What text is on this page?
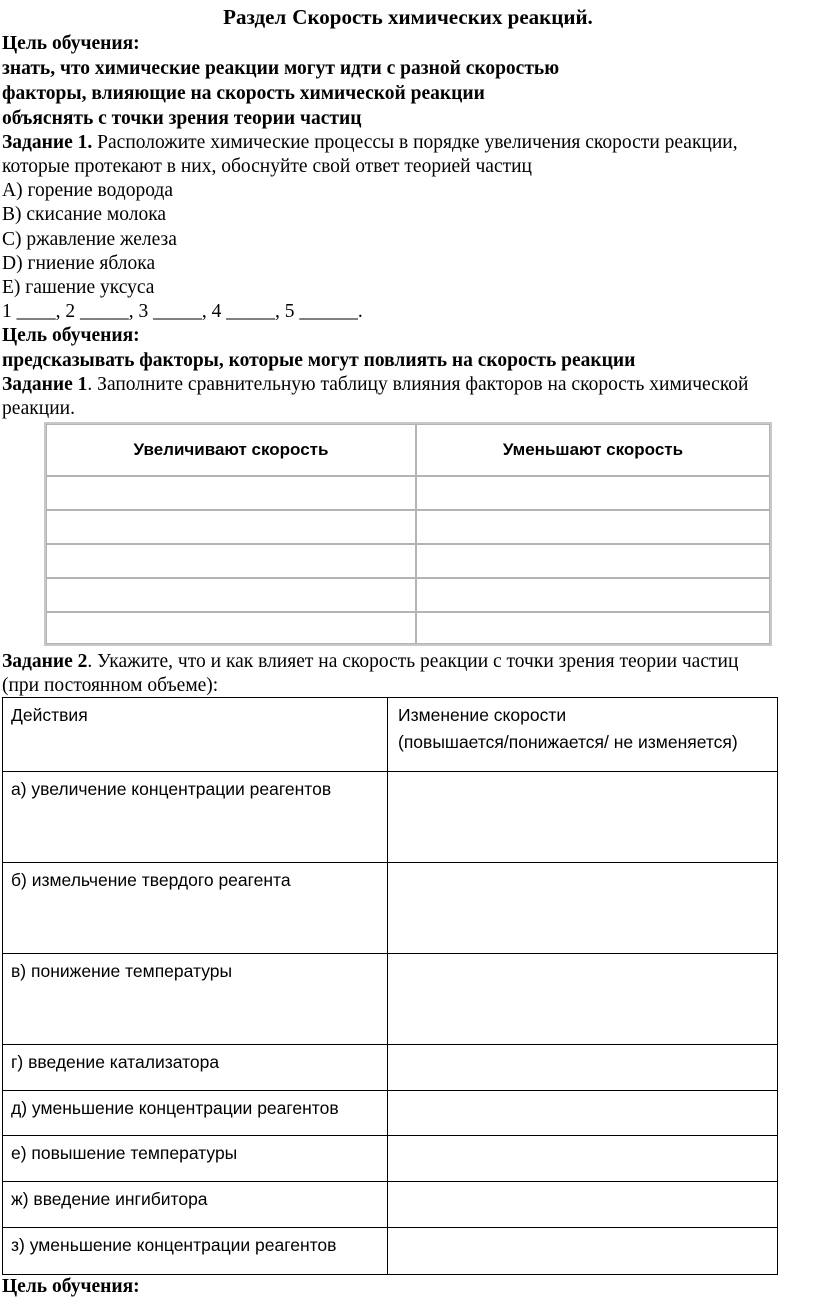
Раздел Скорость химических реакций.
Цель обучения:
знать, что химические реакции могут идти с разной скоростью
факторы, влияющие на скорость химической реакции
объяснять с точки зрения теории частиц
Задание 1. Расположите химические процессы в порядке увеличения скорости реакции,
которые протекают в них, обоснуйте свой ответ теорией частиц
A) горение водорода
B) скисание молока
C) ржавление железа
D) гниение яблока
E) гашение уксуса
1 ____, 2 _____, 3 _____, 4 _____, 5 ______.
Цель обучения:
предсказывать факторы, которые могут повлиять на скорость реакции
Задание 1. Заполните сравнительную таблицу влияния факторов на скорость химической
реакции.
Увеличивают скорость	Уменьшают скорость
Задание 2. Укажите, что и как влияет на скорость реакции с точки зрения теории частиц
(при постоянном объеме):
Действия	Изменение скорости
(повышается/понижается/ не изменяется)
а) увеличение концентрации реагентов
б) измельчение твердого реагента
в) понижение температуры
г) введение катализатора
д) уменьшение концентрации реагентов
е) повышение температуры
ж) введение ингибитора
з) уменьшение концентрации реагентов
Цель обучения:
